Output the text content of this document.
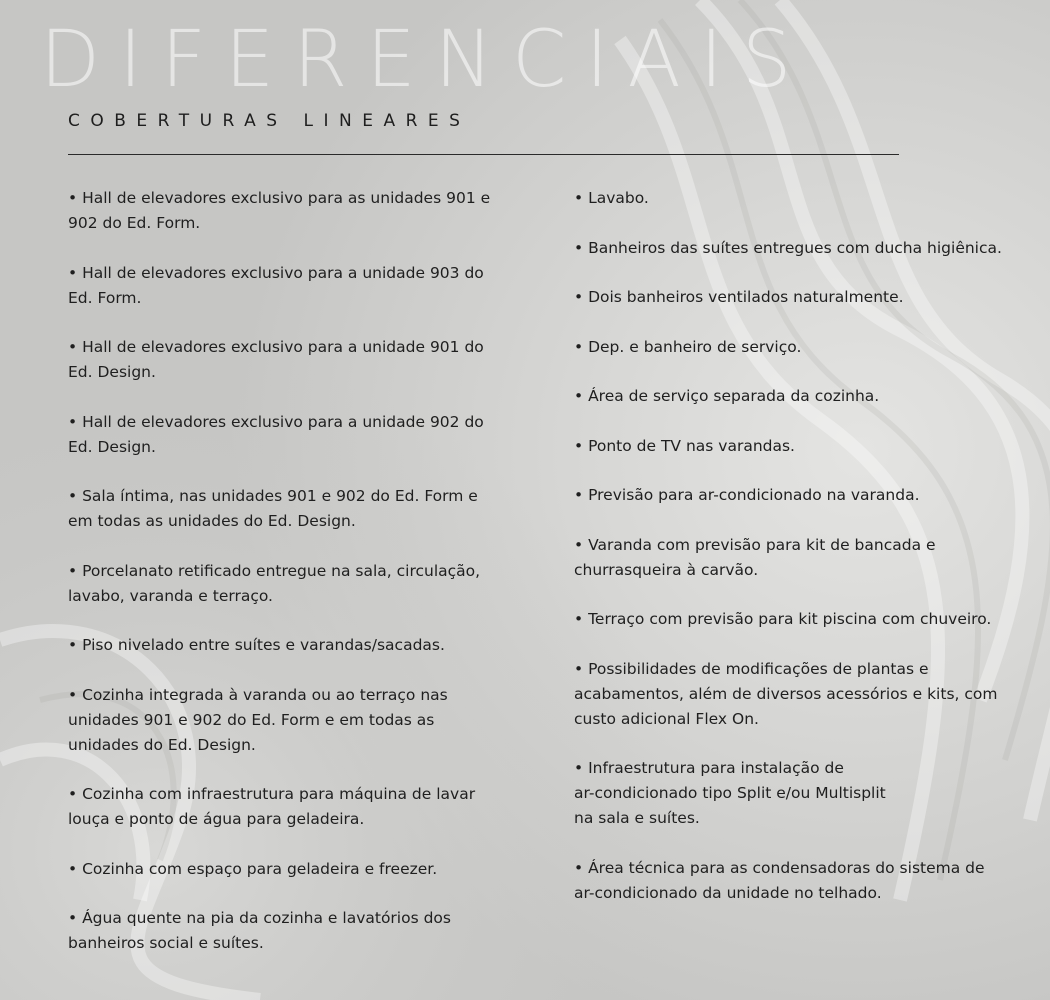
DIFERENCIAIS
COBERTURAS LINEARES
• Hall de elevadores exclusivo para as unidades 901 e
902 do Ed. Form.
• Hall de elevadores exclusivo para a unidade 903 do
Ed. Form.
• Hall de elevadores exclusivo para a unidade 901 do
Ed. Design.
• Hall de elevadores exclusivo para a unidade 902 do
Ed. Design.
• Sala íntima, nas unidades 901 e 902 do Ed. Form e
em todas as unidades do Ed. Design.
• Porcelanato retificado entregue na sala, circulação,
lavabo, varanda e terraço.
• Piso nivelado entre suítes e varandas/sacadas.
• Cozinha integrada à varanda ou ao terraço nas
unidades 901 e 902 do Ed. Form e em todas as
unidades do Ed. Design.
• Cozinha com infraestrutura para máquina de lavar
louça e ponto de água para geladeira.
• Cozinha com espaço para geladeira e freezer.
• Água quente na pia da cozinha e lavatórios dos
banheiros social e suítes.
• Lavabo.
• Banheiros das suítes entregues com ducha higiênica.
• Dois banheiros ventilados naturalmente.
• Dep. e banheiro de serviço.
• Área de serviço separada da cozinha.
• Ponto de TV nas varandas.
• Previsão para ar-condicionado na varanda.
• Varanda com previsão para kit de bancada e
churrasqueira à carvão.
• Terraço com previsão para kit piscina com chuveiro.
• Possibilidades de modificações de plantas e
acabamentos, além de diversos acessórios e kits, com
custo adicional Flex On.
• Infraestrutura para instalação de
ar-condicionado tipo Split e/ou Multisplit
na sala e suítes.
• Área técnica para as condensadoras do sistema de
ar-condicionado da unidade no telhado.
